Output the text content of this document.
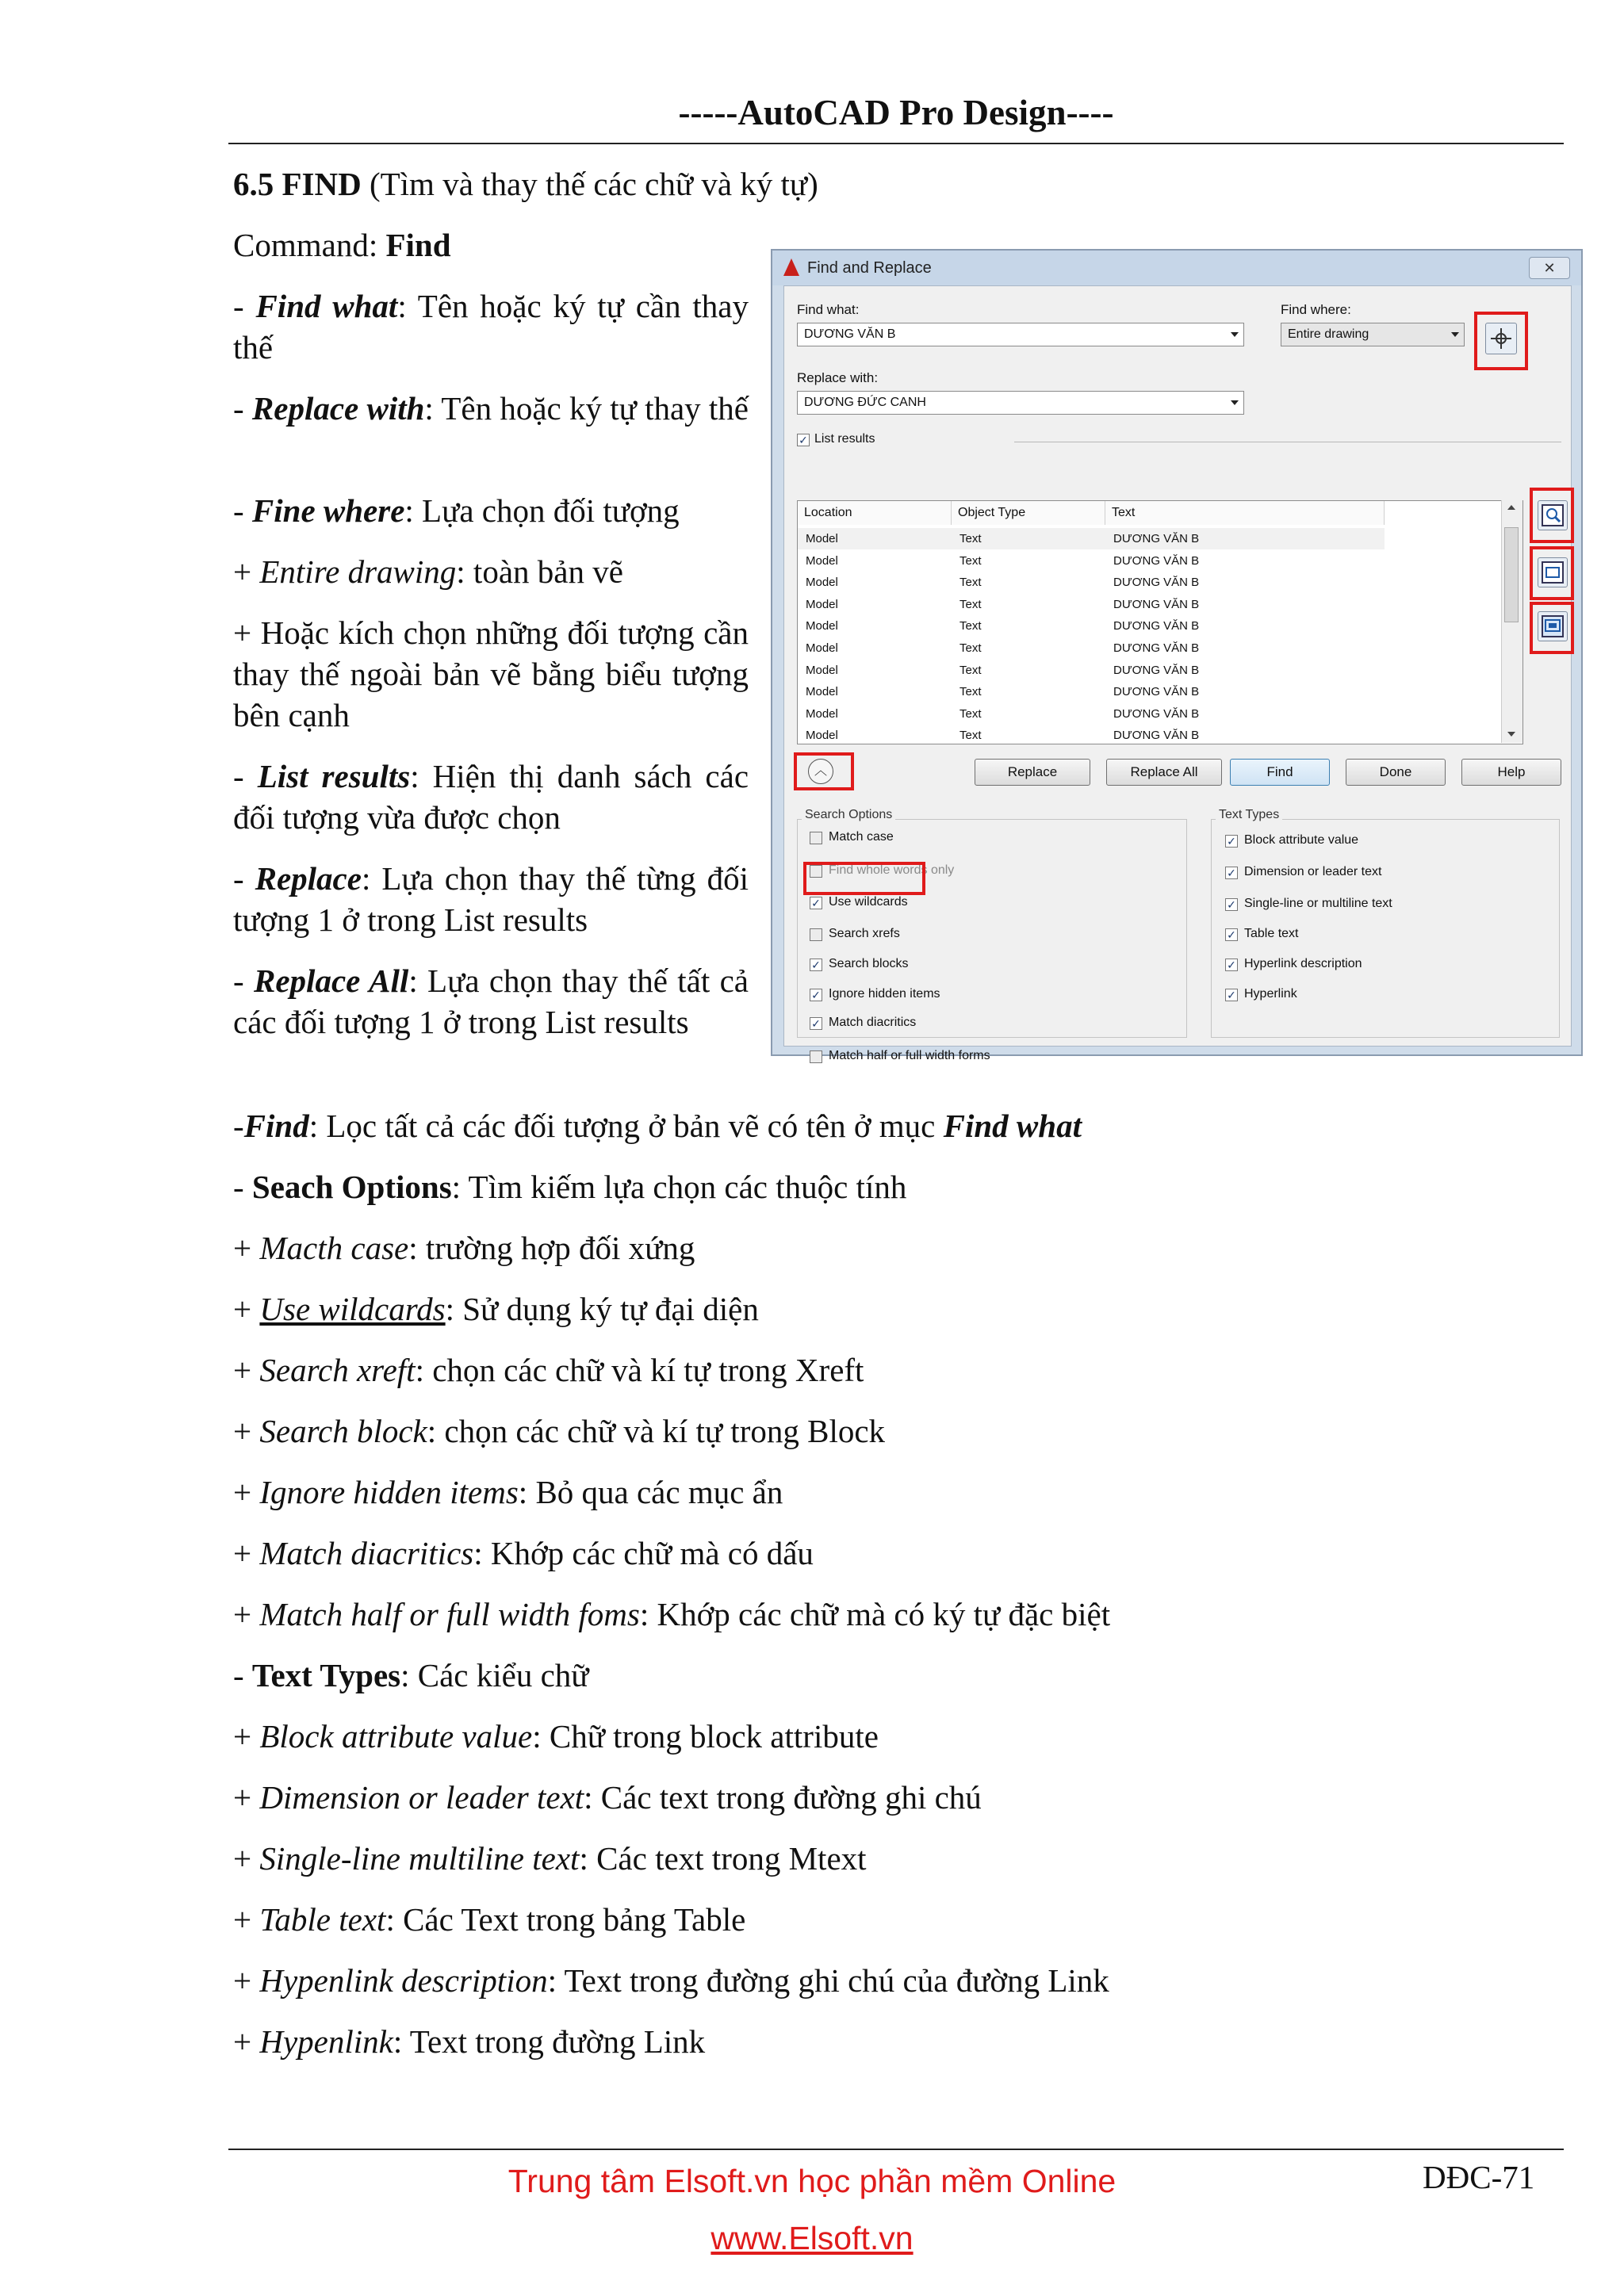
-----AutoCAD Pro Design----
6.5 FIND (Tìm và thay thế các chữ và ký tự)
Command: Find
- Find what: Tên hoặc ký tự cần thay thế
- Replace with: Tên hoặc ký tự thay thế
- Fine where: Lựa chọn đối tượng
+ Entire drawing: toàn bản vẽ
+ Hoặc kích chọn những đối tượng cần thay thế ngoài bản vẽ bằng biểu tượng bên cạnh
- List results: Hiện thị danh sách các đối tượng vừa được chọn
- Replace: Lựa chọn thay thế từng đối tượng 1 ở trong List results
- Replace All: Lựa chọn thay thế tất cả các đối tượng 1 ở trong List results
-Find: Lọc tất cả các đối tượng ở bản vẽ có tên ở mục Find what
- Seach Options: Tìm kiếm lựa chọn các thuộc tính
+ Macth case: trường hợp đối xứng
+ Use wildcards: Sử dụng ký tự đại diện
+ Search xreft: chọn các chữ và kí tự trong Xreft
+ Search block: chọn các chữ và kí tự trong Block
+ Ignore hidden items: Bỏ qua các mục ẩn
+ Match diacritics: Khớp các chữ mà có dấu
+ Match half or full width foms: Khớp các chữ mà có ký tự đặc biệt
- Text Types: Các kiểu chữ
+ Block attribute value: Chữ trong block attribute
+ Dimension or leader text: Các text trong đường ghi chú
+ Single-line multiline text: Các text trong Mtext
+ Table text: Các Text trong bảng Table
+ Hypenlink description: Text trong đường ghi chú của đường Link
+ Hypenlink: Text trong đường Link
Find and Replace	✕
Find what:
DƯƠNG VĂN B
Find where:
Entire drawing
Replace with:
DƯƠNG ĐỨC CANH
✓
List results
Location	Object Type	Text
Model	Text	DƯƠNG VĂN B
Model	Text	DƯƠNG VĂN B
Model	Text	DƯƠNG VĂN B
Model	Text	DƯƠNG VĂN B
Model	Text	DƯƠNG VĂN B
Model	Text	DƯƠNG VĂN B
Model	Text	DƯƠNG VĂN B
Model	Text	DƯƠNG VĂN B
Model	Text	DƯƠNG VĂN B
Model	Text	DƯƠNG VĂN B
︿	Replace	Replace All	Find	Done	Help
Search Options
Match case
Find whole words only
✓
Use wildcards
Search xrefs
✓
Search blocks
✓
Ignore hidden items
✓
Match diacritics
Match half or full width forms
Text Types
✓
Block attribute value
✓
Dimension or leader text
✓
Single-line or multiline text
✓
Table text
✓
Hyperlink description
✓
Hyperlink
Trung tâm Elsoft.vn học phần mềm Online
www.Elsoft.vn
DĐC-71
